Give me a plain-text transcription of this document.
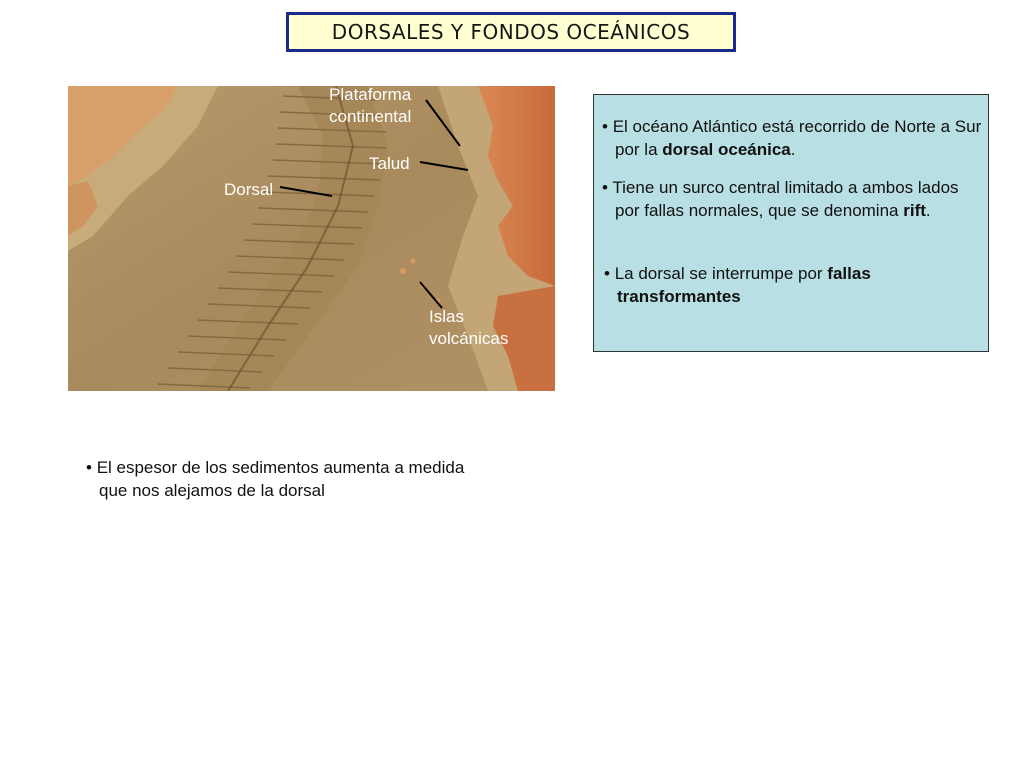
DORSALES Y FONDOS OCEÁNICOS
Plataforma
continental
Talud
Dorsal
Islas
volcánicas
• El océano Atlántico está recorrido de Norte a Sur por la dorsal oceánica.
• Tiene un surco central limitado a ambos lados por fallas normales, que se denomina rift.
• La dorsal se interrumpe por fallas transformantes
• El espesor de los sedimentos aumenta a medida que nos alejamos de la dorsal
